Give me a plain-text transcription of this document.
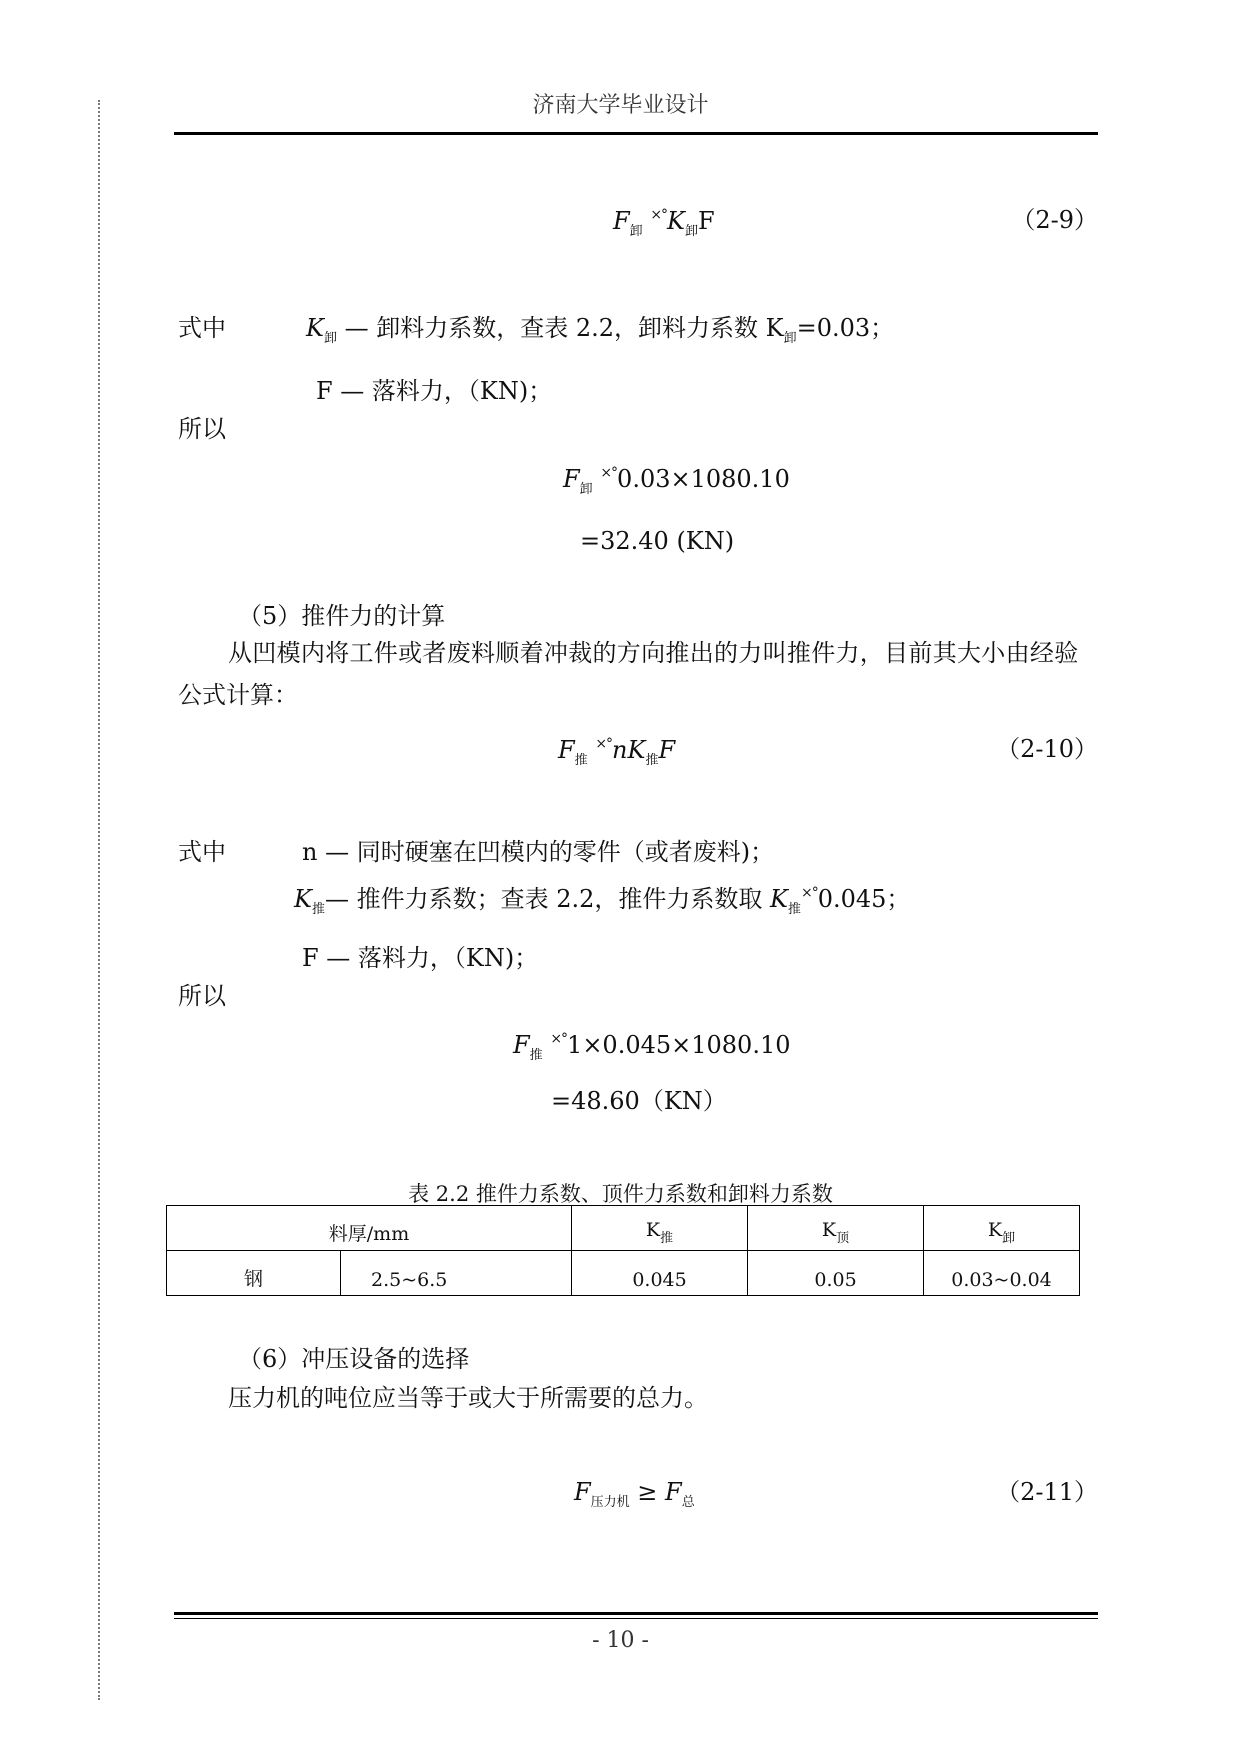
济南大学毕业设计
$F_卸$ $^{\times^\circ}K_卸F$	（2-9）
式中	$K_卸$ — 卸料力系数，查表 2.2，卸料力系数 $K_卸=0.03$；
F — 落料力，（KN)；
所以
$F_卸$ ×°0.03×1080.10
=32.40 (KN)
（5）推件力的计算
从凹模内将工件或者废料顺着冲裁的方向推出的力叫推件力，目前其大小由经验
公式计算：
$F_推$ $^{\times^\circ}nK_推F$	（2-10）
式中	n — 同时硬塞在凹模内的零件（或者废料)；
$K_推—$ 推件力系数；查表 2.2，推件力系数取 $K_推^{\times^\circ}0.045$；
F — 落料力，（KN)；
所以
$F_推$ ×°1×0.045×1080.10
=48.60（KN）
表 2.2 推件力系数、顶件力系数和卸料力系数
料厚/mm		$K_推$	$K_顶$	$K_卸$
钢	2.5~6.5	0.045	0.05	0.03~0.04
（6）冲压设备的选择
压力机的吨位应当等于或大于所需要的总力。
$F_{压力机} \ge F_总$	（2-11）
- 10 -
